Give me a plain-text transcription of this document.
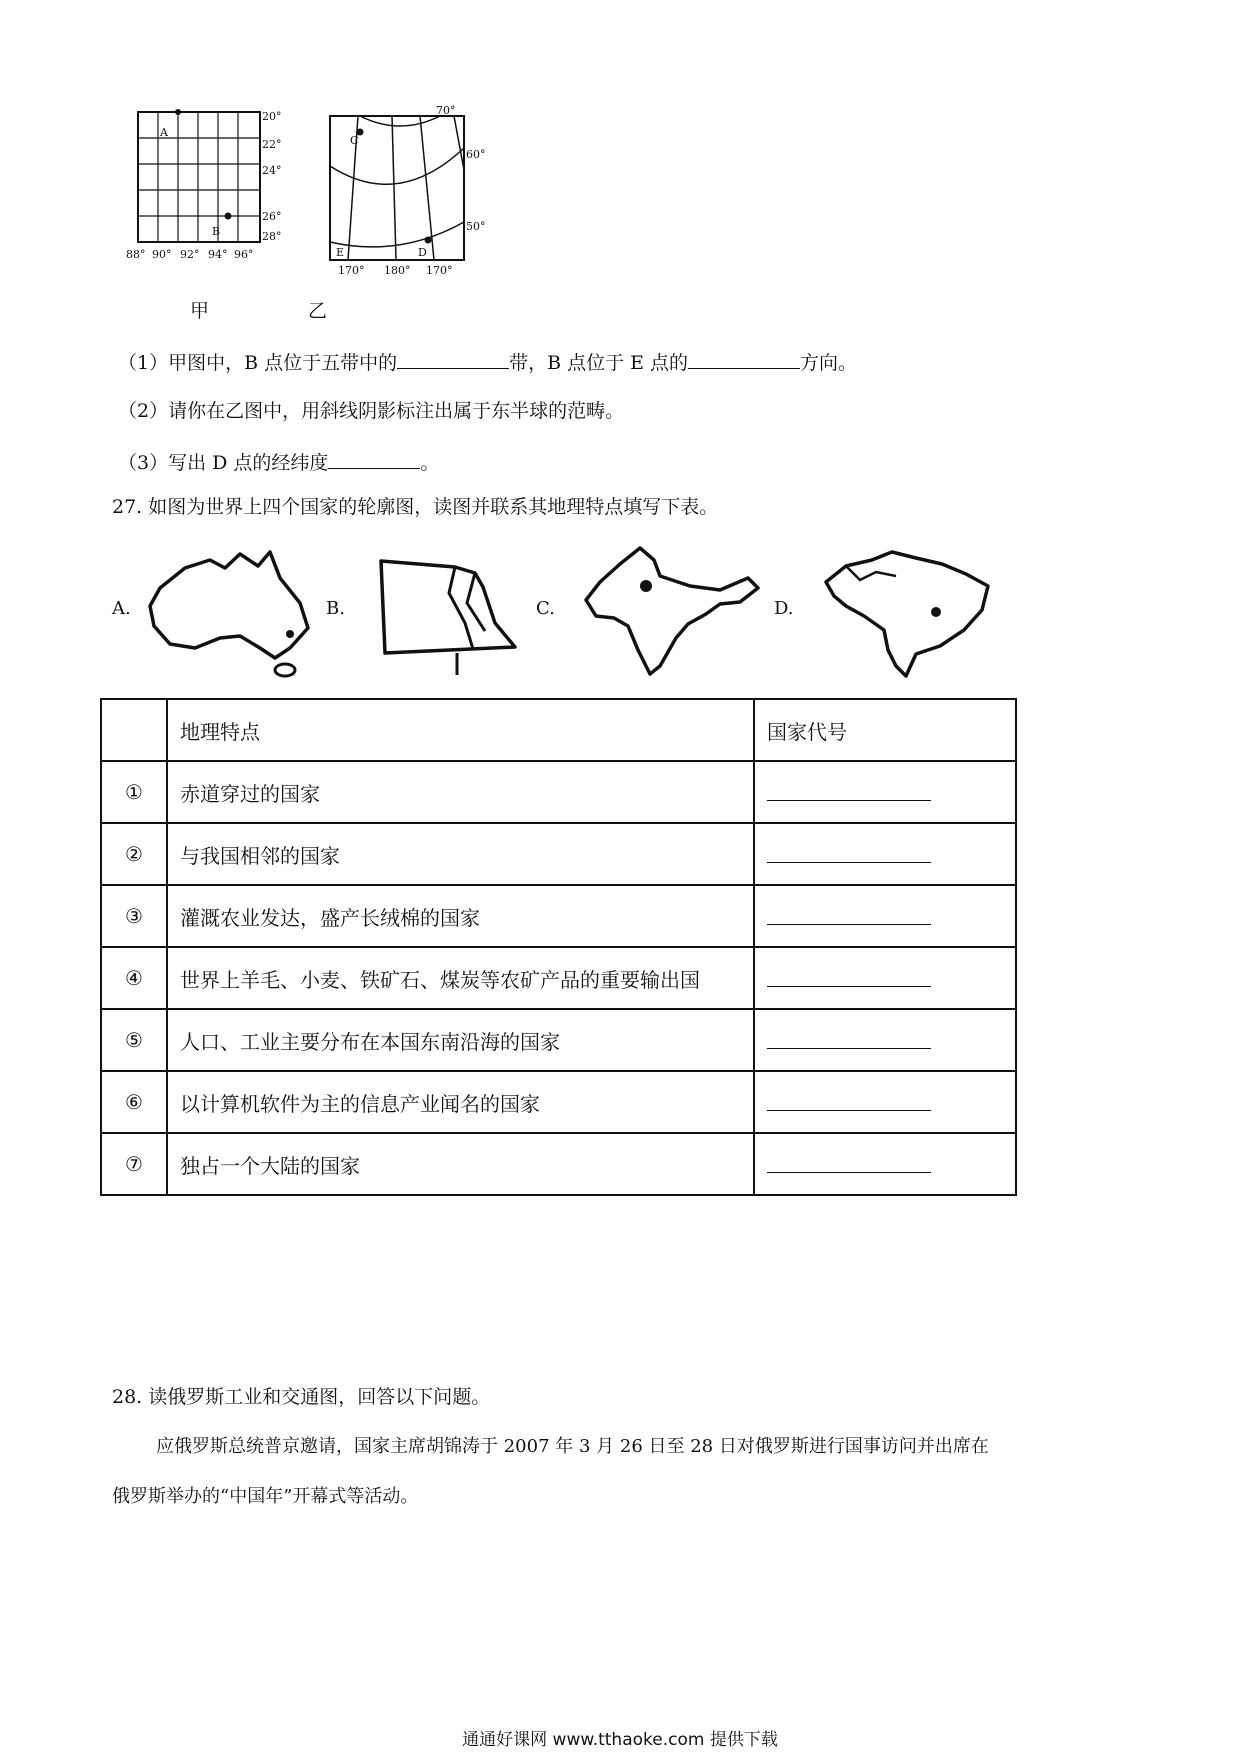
A
B
20°
22°
24°
26°
28°
88° 90° 92° 94° 96°
C
E	D
70°
60°
50°
170° 180° 170°
甲	乙
（1）甲图中，B 点位于五带中的	带，B 点位于 E 点的	方向。
（2）请你在乙图中，用斜线阴影标注出属于东半球的范畴。
（3）写出 D 点的经纬度	。
27. 如图为世界上四个国家的轮廓图，读图并联系其地理特点填写下表。
A.	B.	C.	D.
	地理特点	国家代号
①	赤道穿过的国家	
②	与我国相邻的国家	
③	灌溉农业发达，盛产长绒棉的国家	
④	世界上羊毛、小麦、铁矿石、煤炭等农矿产品的重要输出国	
⑤	人口、工业主要分布在本国东南沿海的国家	
⑥	以计算机软件为主的信息产业闻名的国家	
⑦	独占一个大陆的国家	
28. 读俄罗斯工业和交通图，回答以下问题。
应俄罗斯总统普京邀请，国家主席胡锦涛于 2007 年 3 月 26 日至 28 日对俄罗斯进行国事访问并出席在
俄罗斯举办的“中国年”开幕式等活动。
通通好课网 www.tthaoke.com 提供下载
